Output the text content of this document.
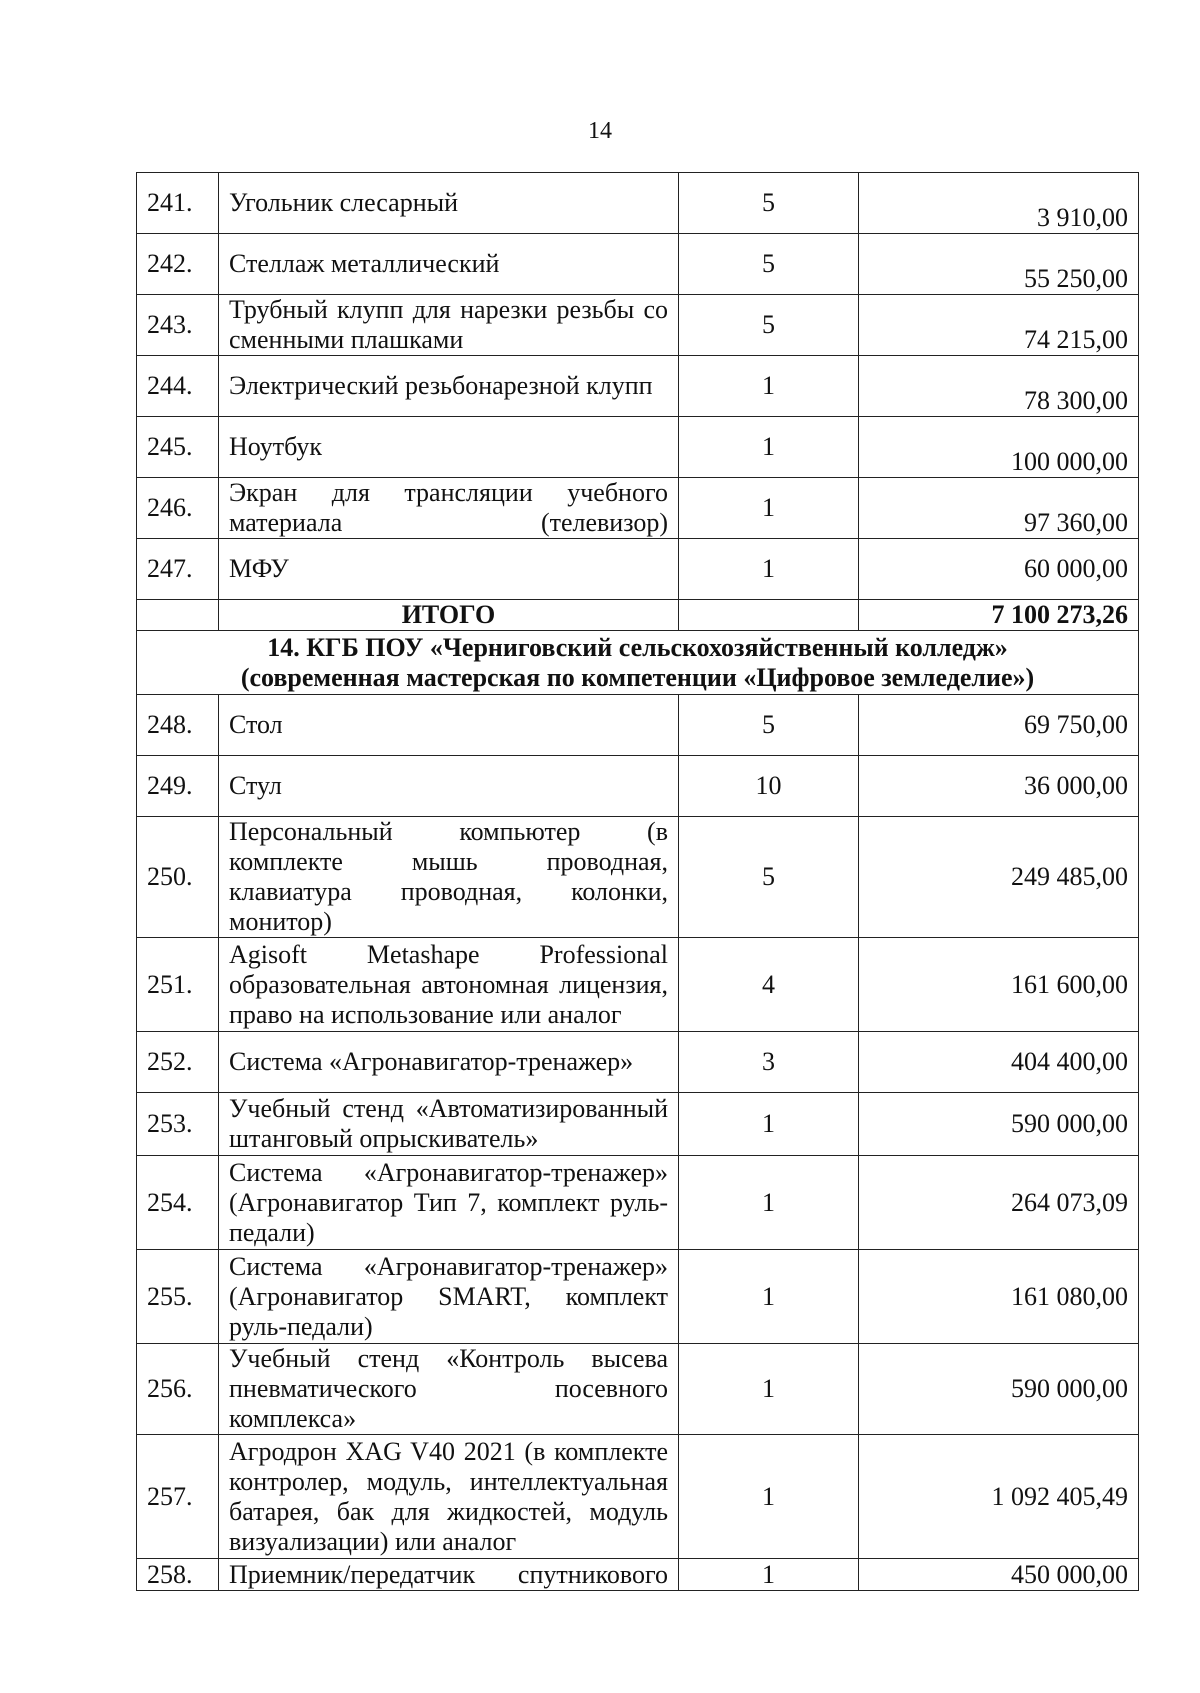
14
241.	Угольник слесарный	5	3 910,00
242.	Стеллаж металлический	5	55 250,00
243.	Трубный клупп для нарезки резьбы со сменными плашками	5	74 215,00
244.	Электрический резьбонарезной клупп	1	78 300,00
245.	Ноутбук	1	100 000,00
246.	Экран для трансляции учебного материала (телевизор)	1	97 360,00
247.	МФУ	1	60 000,00
	ИТОГО		7 100 273,26

14. КГБ ПОУ «Черниговский сельскохозяйственный колледж»
(современная мастерская по компетенции «Цифровое земледелие»)			

248.	Стол	5	69 750,00
249.	Стул	10	36 000,00
250.	Персональный компьютер (в комплекте мышь проводная, клавиатура проводная, колонки, монитор)	5	249 485,00
251.	Agisoft Metashape Professional образовательная автономная лицензия, право на использование или аналог	4	161 600,00
252.	Система «Агронавигатор-тренажер»	3	404 400,00
253.	Учебный стенд «Автоматизированный штанговый опрыскиватель»	1	590 000,00
254.	Система «Агронавигатор-тренажер» (Агронавигатор Тип 7, комплект руль-педали)	1	264 073,09
255.	Система «Агронавигатор-тренажер» (Агронавигатор SMART, комплект руль-педали)	1	161 080,00
256.	Учебный стенд «Контроль высева пневматического посевного комплекса»	1	590 000,00
257.	Агродрон XAG V40 2021 (в комплекте контролер, модуль, интеллектуальная батарея, бак для жидкостей, модуль визуализации) или аналог	1	1 092 405,49
258.	Приемник/передатчик спутникового	1	450 000,00
